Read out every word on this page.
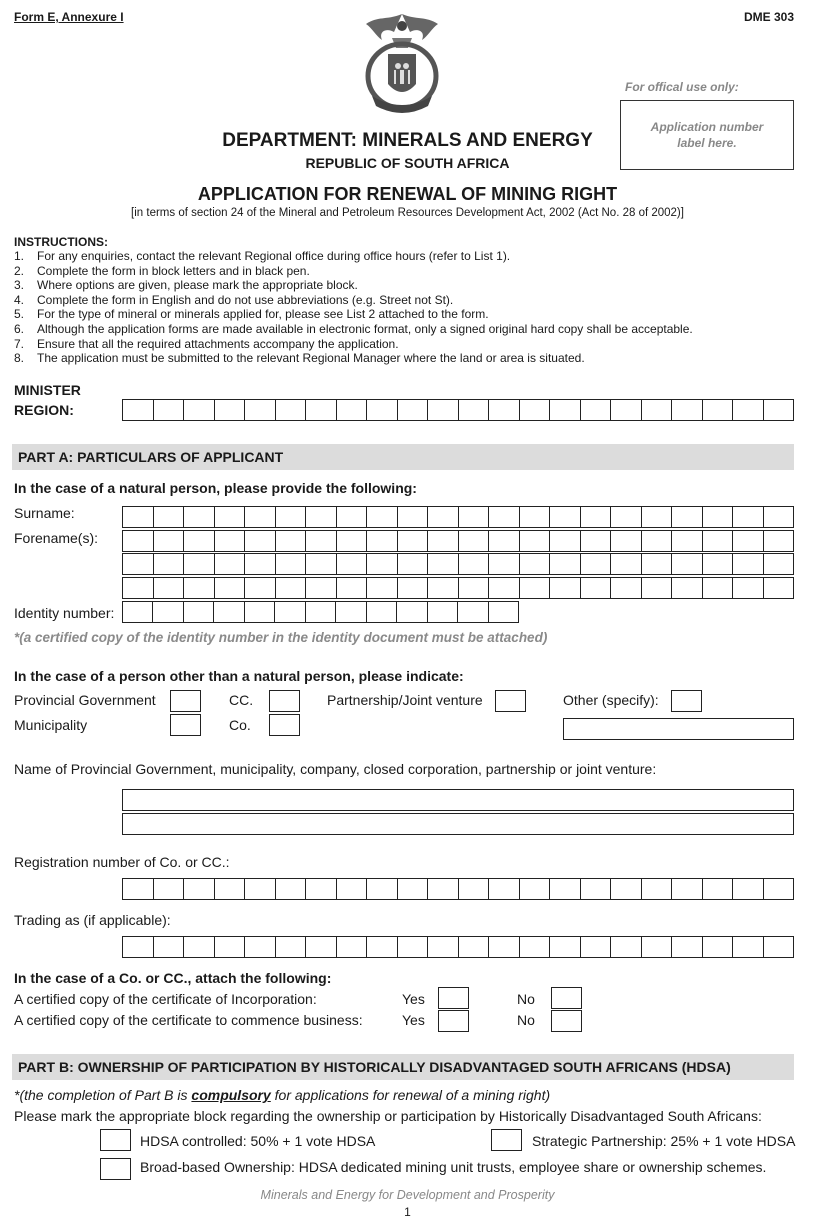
Form E, Annexure I	DME 303
For offical use only:
Application number
label here.
DEPARTMENT: MINERALS AND ENERGY
REPUBLIC OF SOUTH AFRICA
APPLICATION FOR RENEWAL OF MINING RIGHT
[in terms of section 24 of the Mineral and Petroleum Resources Development Act, 2002 (Act No. 28 of 2002)]
INSTRUCTIONS:
1. For any enquiries, contact the relevant Regional office during office hours (refer to List 1).
2. Complete the form in block letters and in black pen.
3. Where options are given, please mark the appropriate block.
4. Complete the form in English and do not use abbreviations (e.g. Street not St).
5. For the type of mineral or minerals applied for, please see List 2 attached to the form.
6. Although the application forms are made available in electronic format, only a signed original hard copy shall be acceptable.
7. Ensure that all the required attachments accompany the application.
8. The application must be submitted to the relevant Regional Manager where the land or area is situated.
MINISTER
REGION:
PART A: PARTICULARS OF APPLICANT
In the case of a natural person, please provide the following:
Surname:
Forename(s):
Identity number:
*(a certified copy of the identity number in the identity document must be attached)
In the case of a person other than a natural person, please indicate:
Provincial Government	CC.	Partnership/Joint venture	Other (specify):
Municipality	Co.
Name of Provincial Government, municipality, company, closed corporation, partnership or joint venture:
Registration number of Co. or CC.:
Trading as (if applicable):
In the case of a Co. or CC., attach the following:
A certified copy of the certificate of Incorporation:	Yes	No
A certified copy of the certificate to commence business:	Yes	No
PART B: OWNERSHIP OF PARTICIPATION BY HISTORICALLY DISADVANTAGED SOUTH AFRICANS (HDSA)
*(the completion of Part B is compulsory for applications for renewal of a mining right)
Please mark the appropriate block regarding the ownership or participation by Historically Disadvantaged South Africans:
HDSA controlled: 50% + 1 vote HDSA	Strategic Partnership: 25% + 1 vote HDSA
Broad-based Ownership: HDSA dedicated mining unit trusts, employee share or ownership schemes.
Minerals and Energy for Development and Prosperity
1
